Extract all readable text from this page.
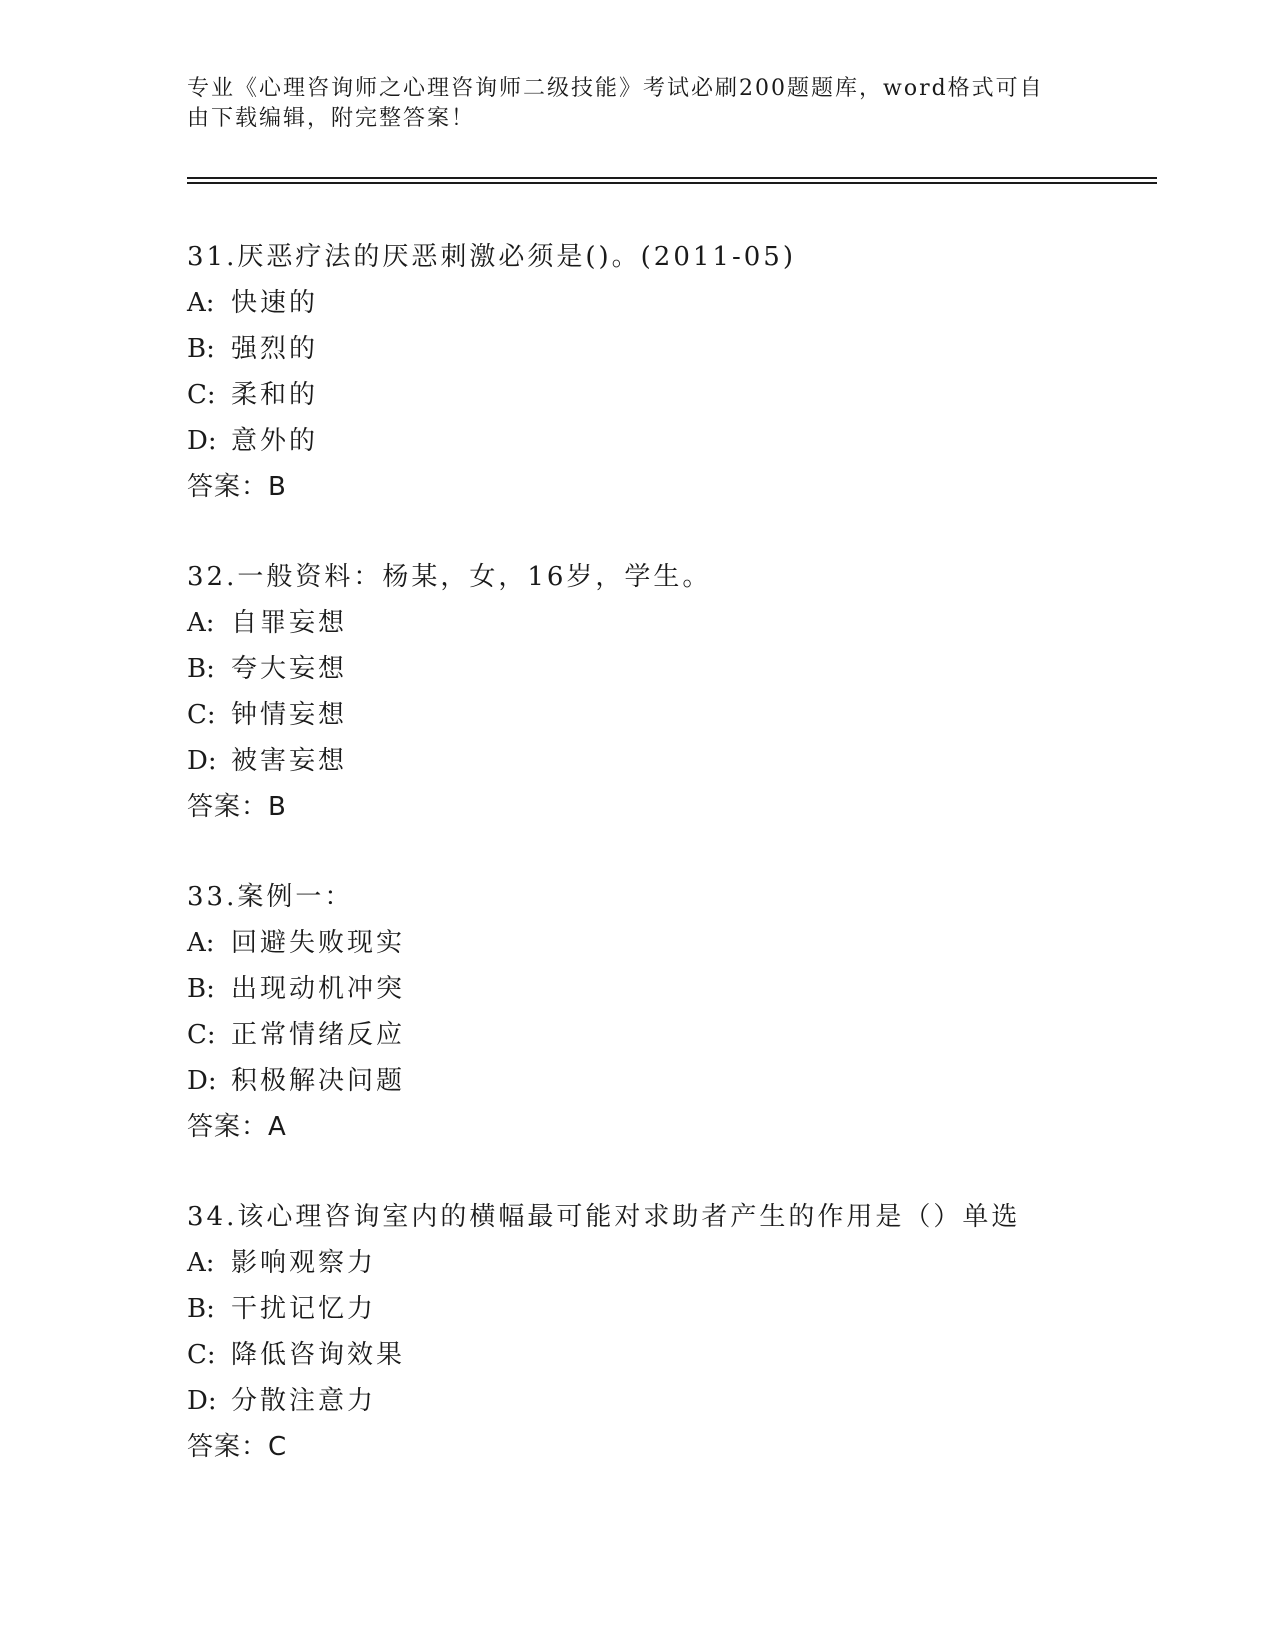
专业《心理咨询师之心理咨询师二级技能》考试必刷200题题库，word格式可自由下载编辑，附完整答案！
31.厌恶疗法的厌恶刺激必须是()。(2011-05)
A: 快速的
B: 强烈的
C: 柔和的
D: 意外的
答案：B
32.一般资料：杨某，女，16岁，学生。
A: 自罪妄想
B: 夸大妄想
C: 钟情妄想
D: 被害妄想
答案：B
33.案例一：
A: 回避失败现实
B: 出现动机冲突
C: 正常情绪反应
D: 积极解决问题
答案：A
34.该心理咨询室内的横幅最可能对求助者产生的作用是（）单选
A: 影响观察力
B: 干扰记忆力
C: 降低咨询效果
D: 分散注意力
答案：C
